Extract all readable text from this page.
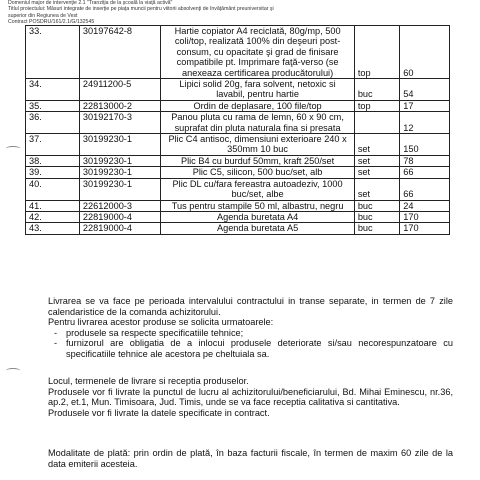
Domeniul major de intervenţie 2.1 "Tranziţia de la şcoală la viaţă activă"
Titlul proiectului: Măsuri integrate de inserţie pe piaţa muncii pentru viitorii absolvenţi de învăţământ preuniversitar şi
superior din Regiunea de Vest
Contract POSDRU/161/2.1/G/132545
33.	30197642-8	Hartie copiator A4 reciclată, 80g/mp, 500 coli/top, realizată 100% din deşeuri post-consum, cu opacitate şi grad de finisare compatibile pt. Imprimare faţă-verso (se anexeaza certificarea producătorului)	top	60
34.	24911200-5	Lipici solid 20g, fara solvent, netoxic si lavabil, pentru hartie	buc	54
35.	22813000-2	Ordin de deplasare, 100 file/top	top	17
36.	30192170-3	Panou pluta cu rama de lemn, 60 x 90 cm, suprafat din pluta naturala fina si presata		12
37.	30199230-1	Plic C4 antisoc, dimensiuni exterioare 240 x 350mm 10 buc	set	150
38.	30199230-1	Plic B4 cu burduf 50mm, kraft 250/set	set	78
39.	30199230-1	Plic C5, silicon, 500 buc/set, alb	set	66
40.	30199230-1	Plic DL cu/fara fereastra autoadeziv, 1000 buc/set, albe	set	66
41.	22612000-3	Tus pentru stampile 50 ml, albastru, negru	buc	24
42.	22819000-4	Agenda buretata A4	buc	170
43.	22819000-4	Agenda buretata A5	buc	170

Livrarea se va face pe perioada intervalului contractului in transe separate, in termen de 7 zile calendaristice de la comanda achizitorului.

Pentru livrarea acestor produse se solicita urmatoarele:

- produsele sa respecte specificatiile tehnice;

- furnizorul are obligatia de a inlocui produsele deteriorate si/sau necorespunzatoare cu specificatiile tehnice ale acestora pe cheltuiala sa.

Locul, termenele de livrare si receptia produselor.

Produsele vor fi livrate la punctul de lucru al achizitorului/beneficiarului, Bd. Mihai Eminescu, nr.36, ap.2, et.1, Mun. Timisoara, Jud. Timis, unde se va face receptia calitativa si cantitativa.

Produsele vor fi livrate la datele specificate in contract.

Modalitate de plată: prin ordin de plată, în baza facturii fiscale, în termen de maxim 60 zile de la data emiterii acesteia.
